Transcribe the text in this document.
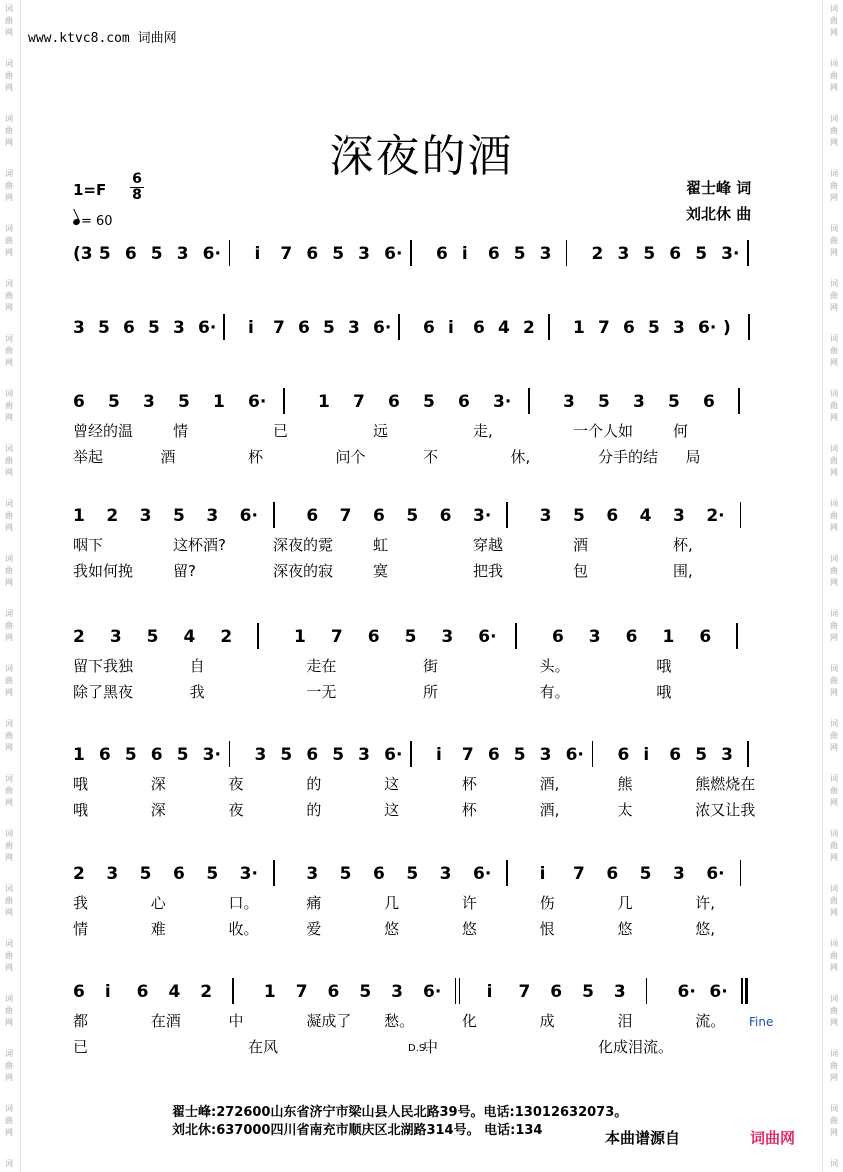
词
曲
网
词
曲
网
词
曲
网
词
曲
网
词
曲
网
词
曲
网
词
曲
网
词
曲
网
词
曲
网
词
曲
网
词
曲
网
词
曲
网
词
曲
网
词
曲
网
词
曲
网
词
曲
网
词
曲
网
词
曲
网
词
曲
网
词
曲
网
词
曲
网
词
词
曲
网
词
曲
网
词
曲
网
词
曲
网
词
曲
网
词
曲
网
词
曲
网
词
曲
网
词
曲
网
词
曲
网
词
曲
网
词
曲
网
词
曲
网
词
曲
网
词
曲
网
词
曲
网
词
曲
网
词
曲
网
词
曲
网
词
曲
网
词
曲
网
词
www.ktvc8.com 词曲网
深夜的酒
1=F
6
8
= 60
翟士峰 词
刘北休 曲
(3 5 6 5 3 6· i 7 6 5 3 6· 6 i 6 5 3 2 3 5 6 5 3·
3 5 6 5 3 6· i 7 6 5 3 6· 6 i 6 4 2 1 7 6 5 3 6· )
6 5 3 5 1 6·	1 7 6 5 6 3·	3 5 3 5 6
曾经的温	情	已	远	走,	一个人如	何
举起	酒	杯	问个	不	休,	分手的结 局
1 2 3 5 3 6·	6 7 6 5 6 3·	3 5 6 4 3 2·
咽下	这杯酒?	深夜的霓	虹	穿越	酒	杯,
我如何挽	留?	深夜的寂	寞	把我	包	围,
2 3 5 4 2	1 7 6 5 3 6·	6 3 6 1 6
留下我独	自	走在	街	头。	哦
除了黑夜	我	一无	所	有。	哦
1 6 5 6 5 3· 3 5 6 5 3 6· i 7 6 5 3 6· 6 i 6 5 3
哦	深	夜	的	这	杯	酒,	熊	熊燃烧在
哦	深	夜	的	这	杯	酒,	太	浓又让我
2 3 5 6 5 3·	3 5 6 5 3 6·	i 7 6 5 3 6·
我	心	口。	痛	几	许	伤	几	许,
情	难	收。	爱	悠	悠	恨	悠	悠,
6 i 6 4 2	1 7 6 5 3 6·	i 7 6 5 3	6· 6·
都	在酒	中	凝成了 愁。	化	成	泪	流。
已	在风	中	化成泪流。
翟士峰:272600山东省济宁市梁山县人民北路39号。电话:13012632073。
刘北休:637000四川省南充市顺庆区北湖路314号。 电话:134	本曲谱源自	词曲网
Fine
D.S.
